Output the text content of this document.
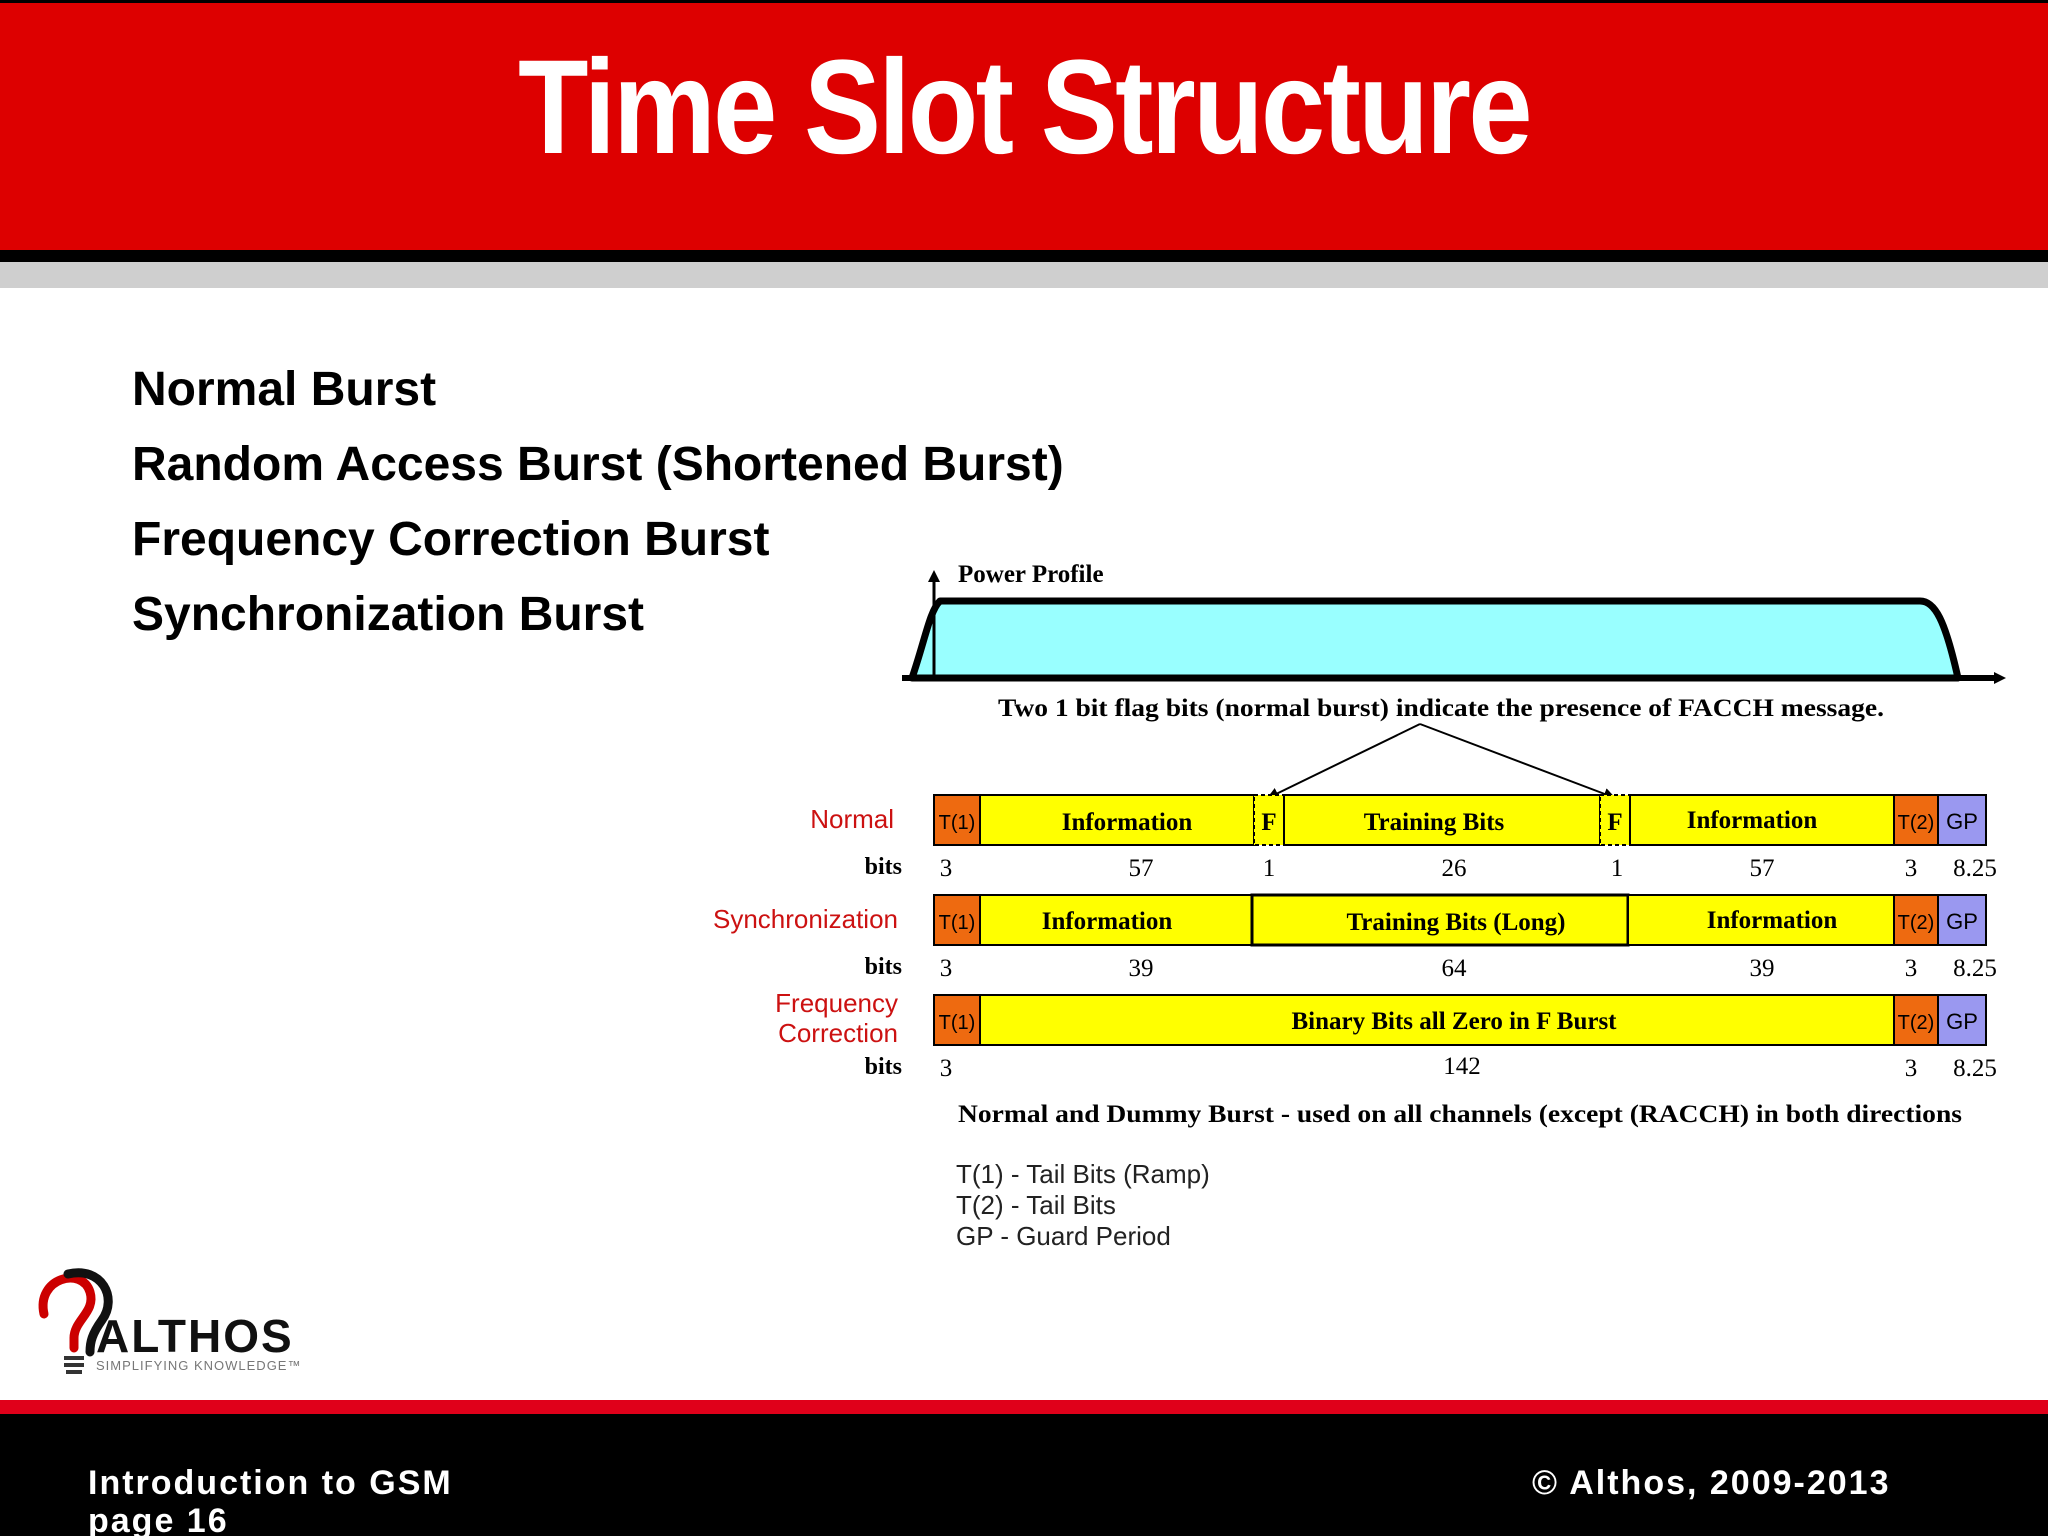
Time Slot Structure
Normal Burst
Random Access Burst (Shortened Burst)
Frequency Correction Burst
Synchronization Burst
Power Profile
Two 1 bit flag bits (normal burst) indicate the presence of FACCH message.
Normal T(1)	Information	F	Training Bits	F	Information	T(2) GP
bits 3	57	1	26	1	57	3 8.25
Synchronization T(1)	Information	Training Bits (Long)	Information	T(2) GP
bits 3	39	64	39	3 8.25
Frequency
Correction T(1)	Binary Bits all Zero in F Burst	T(2) GP
bits 3	142	3 8.25
Normal and Dummy Burst - used on all channels (except (RACCH) in both directions
T(1) - Tail Bits (Ramp)
T(2) - Tail Bits
GP - Guard Period
ALTHOS
SIMPLIFYING KNOWLEDGE™
Introduction to GSM
page 16
© Althos, 2009-2013
